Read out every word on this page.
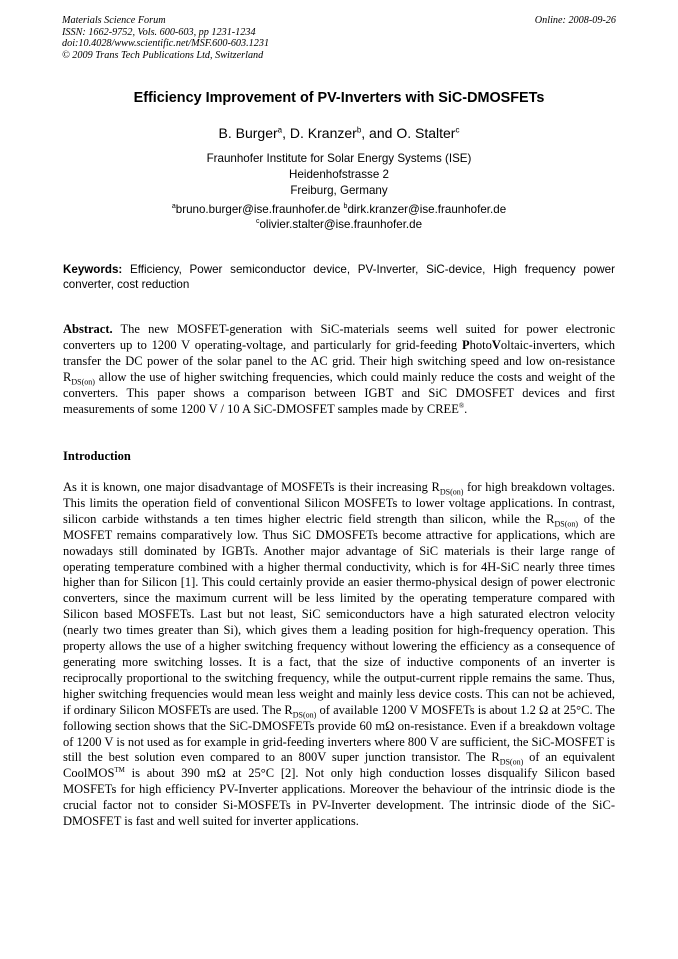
Online: 2008-09-26
Materials Science Forum
ISSN: 1662-9752, Vols. 600-603, pp 1231-1234
doi:10.4028/www.scientific.net/MSF.600-603.1231
© 2009 Trans Tech Publications Ltd, Switzerland
Efficiency Improvement of PV-Inverters with SiC-DMOSFETs
B. Burger$^a$, D. Kranzer$^b$, and O. Stalter$^c$
Fraunhofer Institute for Solar Energy Systems (ISE)
Heidenhofstrasse 2
Freiburg, Germany
$^a$bruno.burger@ise.fraunhofer.de $^b$dirk.kranzer@ise.fraunhofer.de
$^c$olivier.stalter@ise.fraunhofer.de
Keywords: Efficiency, Power semiconductor device, PV-Inverter, SiC-device, High frequency power converter, cost reduction
Abstract. The new MOSFET-generation with SiC-materials seems well suited for power electronic converters up to 1200 V operating-voltage, and particularly for grid-feeding PhotoVoltaic-inverters, which transfer the DC power of the solar panel to the AC grid. Their high switching speed and low on-resistance $R_{DS(on)}$ allow the use of higher switching frequencies, which could mainly reduce the costs and weight of the converters. This paper shows a comparison between IGBT and SiC DMOSFET devices and first measurements of some 1200 V / 10 A SiC-DMOSFET samples made by CREE®.
Introduction
As it is known, one major disadvantage of MOSFETs is their increasing $R_{DS(on)}$ for high breakdown voltages. This limits the operation field of conventional Silicon MOSFETs to lower voltage applications. In contrast, silicon carbide withstands a ten times higher electric field strength than silicon, while the $R_{DS(on)}$ of the MOSFET remains comparatively low. Thus SiC DMOSFETs become attractive for applications, which are nowadays still dominated by IGBTs. Another major advantage of SiC materials is their large range of operating temperature combined with a higher thermal conductivity, which is for 4H-SiC nearly three times higher than for Silicon [1]. This could certainly provide an easier thermo-physical design of power electronic converters, since the maximum current will be less limited by the operating temperature compared with Silicon based MOSFETs. Last but not least, SiC semiconductors have a high saturated electron velocity (nearly two times greater than Si), which gives them a leading position for high-frequency operation. This property allows the use of a higher switching frequency without lowering the efficiency as a consequence of generating more switching losses. It is a fact, that the size of inductive components of an inverter is reciprocally proportional to the switching frequency, while the output-current ripple remains the same. Thus, higher switching frequencies would mean less weight and mainly less device costs. This can not be achieved, if ordinary Silicon MOSFETs are used. The $R_{DS(on)}$ of available 1200 V MOSFETs is about 1.2 Ω at 25°C. The following section shows that the SiC-DMOSFETs provide 60 mΩ on-resistance. Even if a breakdown voltage of 1200 V is not used as for example in grid-feeding inverters where 800 V are sufficient, the SiC-MOSFET is still the best solution even compared to an 800V super junction transistor. The $R_{DS(on)}$ of an equivalent CoolMOS™ is about 390 mΩ at 25°C [2]. Not only high conduction losses disqualify Silicon based MOSFETs for high efficiency PV-Inverter applications. Moreover the behaviour of the intrinsic diode is the crucial factor not to consider Si-MOSFETs in PV-Inverter development. The intrinsic diode of the SiC-DMOSFET is fast and well suited for inverter applications.
